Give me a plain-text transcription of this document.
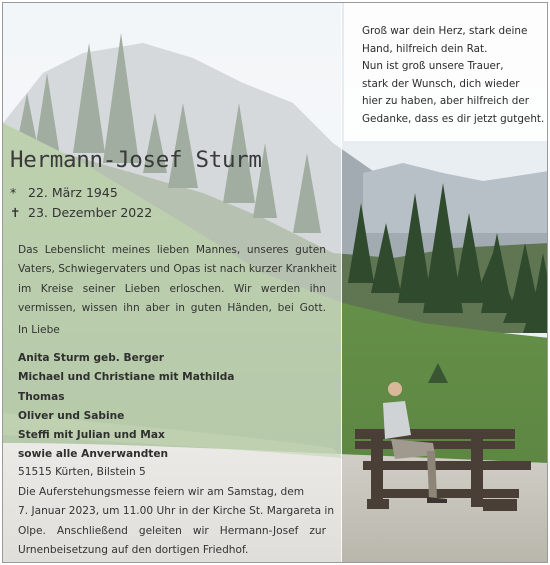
Groß war dein Herz, stark deine
Hand, hilfreich dein Rat.
Nun ist groß unsere Trauer,
stark der Wunsch, dich wieder
hier zu haben, aber hilfreich der
Gedanke, dass es dir jetzt gutgeht.

Hermann-Josef Sturm
* 22. März 1945
✝ 23. Dezember 2022

Das Lebenslicht meines lieben Mannes, unseres guten
Vaters, Schwiegervaters und Opas ist nach kurzer Krankheit
im Kreise seiner Lieben erloschen. Wir werden ihn
vermissen, wissen ihn aber in guten Händen, bei Gott.

In Liebe

Anita Sturm geb. Berger
Michael und Christiane mit Mathilda
Thomas
Oliver und Sabine
Steffi mit Julian und Max
sowie alle Anverwandten

51515 Kürten, Bilstein 5

Die Auferstehungsmesse feiern wir am Samstag, dem
7. Januar 2023, um 11.00 Uhr in der Kirche St. Margareta in
Olpe. Anschließend geleiten wir Hermann-Josef zur
Urnenbeisetzung auf den dortigen Friedhof.
